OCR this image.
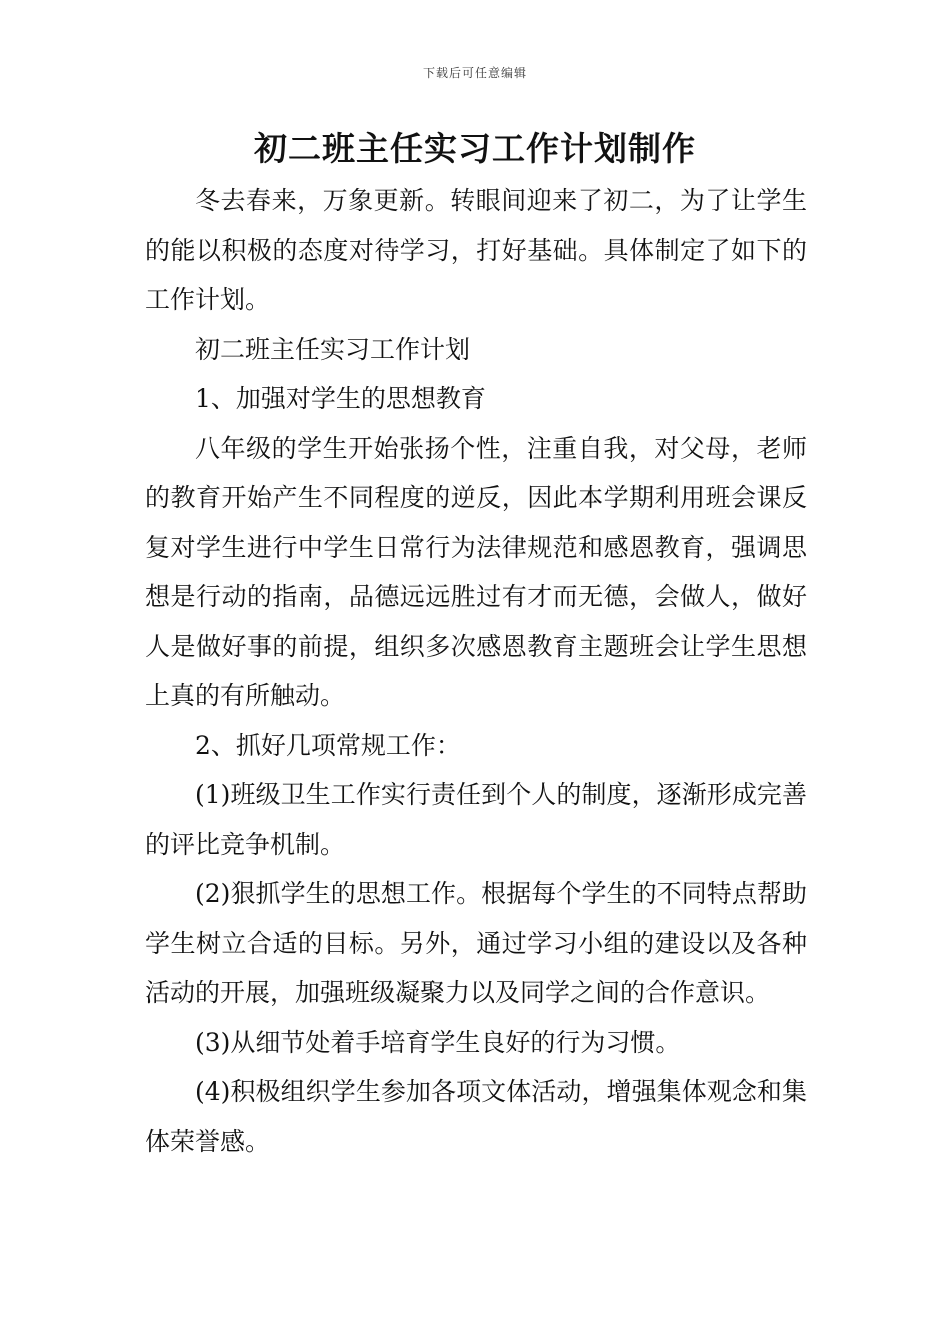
下载后可任意编辑
初二班主任实习工作计划制作

冬去春来，万象更新。转眼间迎来了初二，为了让学生的能以积极的态度对待学习，打好基础。具体制定了如下的工作计划。

初二班主任实习工作计划

1、加强对学生的思想教育

八年级的学生开始张扬个性，注重自我，对父母，老师的教育开始产生不同程度的逆反，因此本学期利用班会课反复对学生进行中学生日常行为法律规范和感恩教育，强调思想是行动的指南，品德远远胜过有才而无德，会做人，做好人是做好事的前提，组织多次感恩教育主题班会让学生思想上真的有所触动。

2、抓好几项常规工作：

(1)班级卫生工作实行责任到个人的制度，逐渐形成完善的评比竞争机制。

(2)狠抓学生的思想工作。根据每个学生的不同特点帮助学生树立合适的目标。另外，通过学习小组的建设以及各种活动的开展，加强班级凝聚力以及同学之间的合作意识。

(3)从细节处着手培育学生良好的行为习惯。

(4)积极组织学生参加各项文体活动，增强集体观念和集体荣誉感。
